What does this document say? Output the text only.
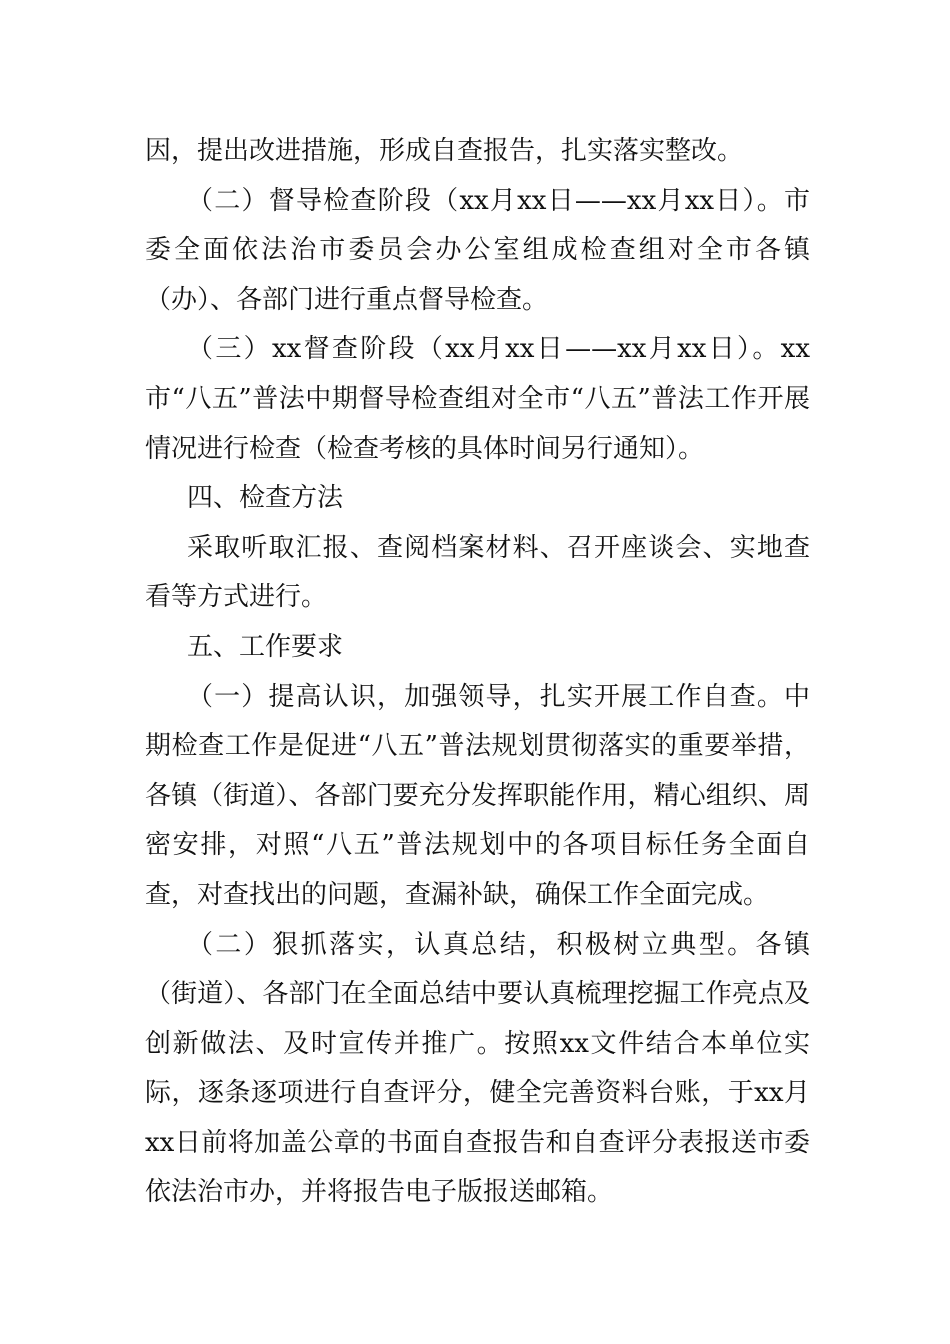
因，提出改进措施，形成自查报告，扎实落实整改。

（二）督导检查阶段（xx月xx日——xx月xx日）。市委全面依法治市委员会办公室组成检查组对全市各镇（办）、各部门进行重点督导检查。

（三）xx督查阶段（xx月xx日——xx月xx日）。xx市“八五”普法中期督导检查组对全市“八五”普法工作开展情况进行检查（检查考核的具体时间另行通知）。

四、检查方法

采取听取汇报、查阅档案材料、召开座谈会、实地查看等方式进行。

五、工作要求

（一）提高认识，加强领导，扎实开展工作自查。中期检查工作是促进“八五”普法规划贯彻落实的重要举措，各镇（街道）、各部门要充分发挥职能作用，精心组织、周密安排，对照“八五”普法规划中的各项目标任务全面自查，对查找出的问题，查漏补缺，确保工作全面完成。

（二）狠抓落实，认真总结，积极树立典型。各镇（街道）、各部门在全面总结中要认真梳理挖掘工作亮点及创新做法、及时宣传并推广。按照xx文件结合本单位实际，逐条逐项进行自查评分，健全完善资料台账，于xx月xx日前将加盖公章的书面自查报告和自查评分表报送市委依法治市办，并将报告电子版报送邮箱。
